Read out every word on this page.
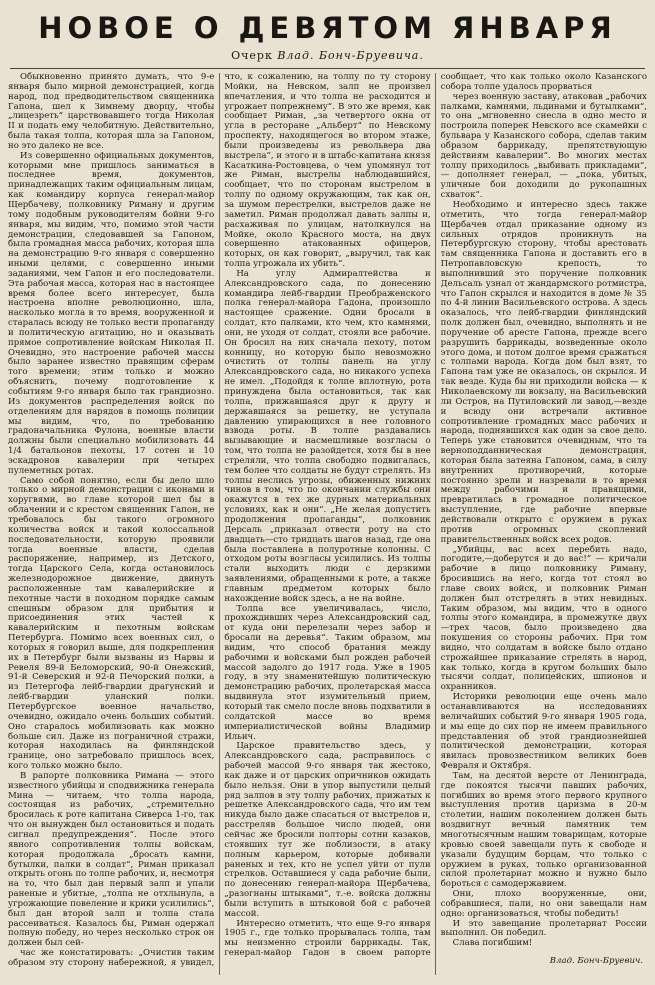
НОВОЕ О ДЕВЯТОМ ЯНВАРЯ
Очерк Влад. Бонч-Бруевича.

Обыкновенно принято думать, что 9-е января было мирной демонстрацией, когда народ, под предводительством священника Гапона, шел к Зимнему дворцу, чтобы „лицезреть“ царствовавшего тогда Николая II и подать ему челобитную. Действительно, была такая толпа, которая шла за Гапоном, но это далеко не все.

Из совершенно официальных документов, которыми мне пришлось заниматься в последнее время, документов, принадлежащих таким официальным лицам, как командиру корпуса генерал-майор Щербачеву, полковнику Риману и другим тому подобным руководителям бойни 9-го января, мы видим, что, помимо этой части демонстрации, следовавшей за Гапоном, была громадная масса рабочих, которая шла на демонстрацию 9-го января с совершенно иными целями, с совершенно иными заданиями, чем Гапон и его последователи. Эта рабочая масса, которая нас в настоящее время более всего интересует, была настроена вполне революционно, шла, насколько могла в то время, вооруженной и старалась всюду не только вести пропаганду и политическую агитацию, но и оказывать прямое сопротивление войскам Николая II. Очевидно, это настроение рабочей массы было заранее известно правящим сферам того времени; этим только и можно объяснить, почему подготовление к событиям 9-го января было так грандиозно. Из документов распределения войск по отделениям для нарядов в помощь полиции мы видим, что, по требованию градоначальника Фулона, военные власти должны были специально мобилизовать 44 1/4 батальонов пехоты, 17 сотен и 10 эскадронов кавалерии при четырех пулеметных ротах.

Само собой понятно, если бы дело шло только о мирной демонстрации с иконами и хоругвями, во главе которой шел бы в облачении и с крестом священник Гапон, не требовалось бы такого огромного количества войск и такой колоссальной последовательности, которую проявили тогда военные власти, сделав распоряжение, например, из Детского, тогда Царского Села, когда остановилось железнодорожное движение, двинуть расположенные там кавалерийские и пехотные части в походном порядке самым спешным образом для прибытия и присоединения этих частей к кавалерийским и пехотным войскам Петербурга. Помимо всех военных сил, о которых я говорил выше, для подкрепления их в Петербург были вызваны из Нарвы и Ревеля 89-й Беломорский, 90-й Онежский, 91-й Северский и 92-й Печорский полки, а из Петергофа лейб-гвардии драгунский и лейб-гвардии уланский полки. Петербургское военное начальство, очевидно, ожидало очень больших событий. Оно старалось мобилизовать как можно больше сил. Даже из пограничной стражи, которая находилась на финляндской границе, оно затребовало пришлось всех, кого только можно было.

В рапорте полковника Римана — этого известного убийцы и сподвижника генерала Мина — читаем, что толпа народа, состоящая из рабочих, „стремительно бросилась к роте капитана Сиверса 1-го, так что он вынужден был остановиться и подать сигнал предупреждения“. После этого явного сопротивления толпы войскам, которая продолжала „бросать камни, бутылки, палки в солдат“, Риман приказал открыть огонь по толпе рабочих, и, несмотря на то, что был дан первый залп и упали раненые и убитые, „толпа не отхлынула, а угрожающие повеление и крики усилились“, был дан второй залп и толпа стала рассеиваться. Казалось бы, Риман одержал полную победу, но через несколько строк он должен был сей-

час же констатировать: „Очистив таким образом эту сторону набережной, я увидел, что, к сожалению, на толпу по ту сторону Мойки, на Невском, залп не произвел впечатления, и что толпа не расходится и угрожает попрежнему“. В это же время, как сообщает Риман, „за четвертого окна от угла в ресторане „Альберт“ по Невскому проспекту, находящегося во втором этаже, были произведены из револьвера два выстрела“, и этого и в штабс-капитана князя Касаткина-Ростовцева, о чем упомянул тот же Риман, выстрелы наблюдавшийся, сообщает, что по сторонам выстрелом в толпу по одному окружающим, так как он, за шумом перестрелки, выстрелов даже не заметил. Риман продолжал давать залпы и, расхаживая по улицам, натолкнулся на Мойке, около Красного моста, на двух совершенно атакованных офицеров, которых, он как говорит, „выручил, так как толпа угрожала их убить“.

На углу Адмиралтейства и Александровского сада, по донесению командира лейб-гвардии Преображенского полка генерал-майора Гадона, произошло настоящее сражение. Одни бросали в солдат, кто палками, кто чем, кто камнями, они, не уходя от солдат, стояли все рабочие. Он бросил на них сначала пехоту, потом конницу, но которую было невозможно очистить от толпы панель на углу Александровского сада, но никакого успеха не имел. „Подойдя к толпе вплотную, рота принуждена была остановиться, так как толпа, прижавшаяся друг к другу и державшаяся за решетку, не уступала давлению упирающихся в нее головного взвода роты. В толпе раздавались вызывающие и насмешливые возгласы о том, что толпа не разойдется, хотя бы в нее стреляли, что толпа свободно подвигалась, тем более что солдаты не будут стрелять. Из толпы неслись угрозы, обиженных нижних чинов в том, что по окончании службы они окажутся в тех же дурных материальных условиях, как и они“. „Не желая допустить продолжения пропаганды“, полковник Дерсаль „приказал отвести роту на сто двадцать—сто тридцать шагов назад, где она была поставлена в полуротные колонны. С отходом роты возгласы усилились. Из толпы стали выходить люди с дерзкими заявлениями, обращенными к роте, а также главным предметом которых было нахождение войск здесь, а не на войне.

Толпа все увеличивалась, число, прохождивших через Александровский сад, от куда они перелезали через забор и бросали на деревья“. Таким образом, мы видим, что способ братания между рабочими и войсками был рожден рабочей массой задолго до 1917 года. Уже в 1905 году, в эту знаменитейшую политическую демонстрацию рабочих, пролетарская масса выдвинула этот изумительный прием, который так смело после вновь подхватили в солдатской массе во время империалистической войны Владимир Ильич.

Царское правительство здесь, у Александровского сада, расправилось с рабочей массой 9-го января так жестоко, как даже и от царских опричников ожидать было нельзя. Они в упор выпустили целый ряд залпов в эту толпу рабочих, прижатых к решетке Александровского сада, что им тем никуда было даже спасаться от выстрелов и, расстреляв большое число людей, они сейчас же бросили полторы сотни казаков, стоявших тут же поблизости, в атаку полным карьером, которые добивали раненых и тех, кто не успел уйти от пули стрелков. Оставшиеся у сада рабочие были, по донесению генерал-майора Щербачева, „разогнаны штыками“, т.-е. войска должны были вступить в штыковой бой с рабочей массой.

Интересно отметить, что еще 9-го января 1905 г., где только прорывалась толпа, там мы неизменно строили баррикады. Так, генерал-майор Гадон в своем рапорте сообщает, что как только около Казанского собора толпе удалось прорваться

через военную заставу, атаковав „рабочих палками, камнями, льдинами и бутылками“, то она „мгновенно снесла в одно место и построила поперек Невского все скамейки с бульвара у Казанского собора, сделав таким образом баррикаду, препятствующую действиям кавалерии“. Во многих местах толпу приходилось „выбивать прикладами“, — дополняет генерал, — „пока, убитых, уличные бои доходили до рукопашных схваток“.

Необходимо и интересно здесь также отметить, что тогда генерал-майор Щербачев отдал приказание одному из сильных отрядов проникнуть на Петербургскую сторону, чтобы арестовать там священника Гапона и доставить его в Петропавловскую крепость, то выполнивший это поручение полковник Дельсаль узнал от жандармского ротмистра, что Гапон скрылся и находится в доме № 35 по 4-й линии Васильевского острова. А здесь оказалось, что лейб-гвардии финляндский полк должен был, очевидно, выполнять и не поручение об аресте Гапона, прежде всего разрушить баррикады, возведенные около этого дома, и потом долгое время сражаться с толпами народа. Когда дом был взят, то Гапона там уже не оказалось, он скрылся. И так везде. Куда бы ни приходили войска — к Николаевскому ли вокзалу, на Васильевский ли Остров, на Путиловский ли завод,—везде и всюду они встречали активное сопротивление громадных масс рабочих и народа, поднявшихся как один за свое дело. Теперь уже становится очевидным, что та верноподданническая демонстрация, которая была затеяна Гапоном, сама, в силу внутренних противоречий, которые постоянно зрели и назревали в то время между рабочими и правящими, превратилась в громадное политическое выступление, где рабочие впервые действовали открыто с оружием в руках против огромных скоплений правительственных войск всех родов.

„Убийцы, вас всех перебить надо, погодите,—доберутся и до вас!“ — кричали рабочие в лицо полковнику Риману, бросившись на него, когда тот стоял во главе своих войск, и полковник Риман должен был отстрелять в этих невидных. Таким образом, мы видим, что в одного толпы этого командира, в промежутке двух—трех часов, было произведено два покушения со стороны рабочих. При том видно, что солдатам в войске было отдано строжайшее приказание стрелять в народ, как только, когда в кругом больших было тысячи солдат, полицейских, шпионов и охранников.

Историки революции еще очень мало останавливаются на исследованиях величайших событий 9-го января 1905 года, и мы еще до сих пор не имеем правильного представления об этой грандиознейшей политической демонстрации, которая явилась провозвестником великих боев Февраля и Октября.

Там, на десятой версте от Ленинграда, где покоятся тысячи павших рабочих, погибших во время этого первого крупного выступления против царизма в 20-м столетии, нашим поколением должен быть воздвигнут вечный памятник тем многотысячным нашим товарищам, которые кровью своей завещали путь к свободе и указали будущим борцам, что только с оружием в руках, только организованной силой пролетариат можно и нужно было бороться с самодержавием.

Они, плохо вооруженные, они, собравшиеся, пали, но они завещали нам одно: организоваться, чтобы победить!

И это завещание пролетариат России выполнил. Он победил.

Слава погибшим!

Влад. Бонч-Бруевич.
